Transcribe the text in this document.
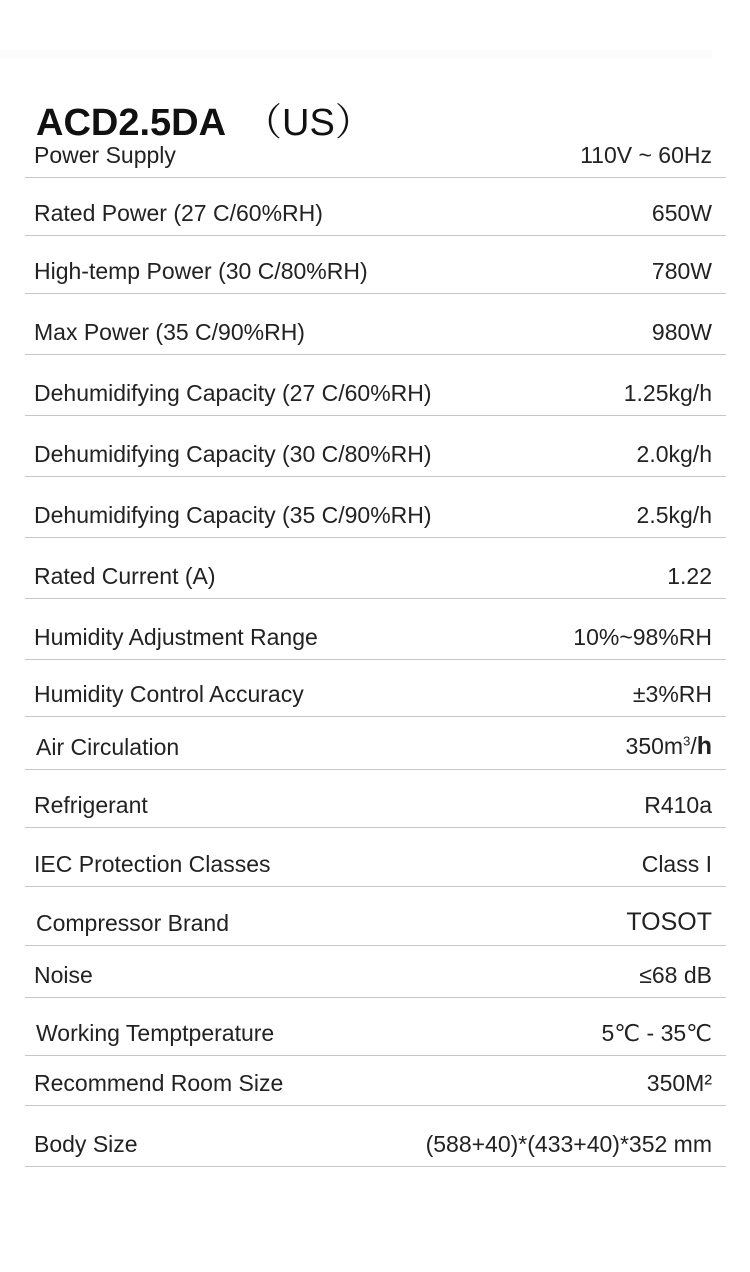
ACD2.5DA （US）
Power Supply	110V ~ 60Hz
Rated Power (27 C/60%RH)	650W
High-temp Power (30 C/80%RH)	780W
Max Power (35 C/90%RH)	980W
Dehumidifying Capacity (27 C/60%RH)	1.25kg/h
Dehumidifying Capacity (30 C/80%RH)	2.0kg/h
Dehumidifying Capacity (35 C/90%RH)	2.5kg/h
Rated Current (A)	1.22
Humidity Adjustment Range	10%~98%RH
Humidity Control Accuracy	±3%RH
Air Circulation	$350m^3/h$
Refrigerant	R410a
IEC Protection Classes	Class I
Compressor Brand	TOSOT
Noise	≤68 dB
Working Temptperature	5℃ - 35℃
Recommend Room Size	350M²
Body Size	(588+40)*(433+40)*352 mm
